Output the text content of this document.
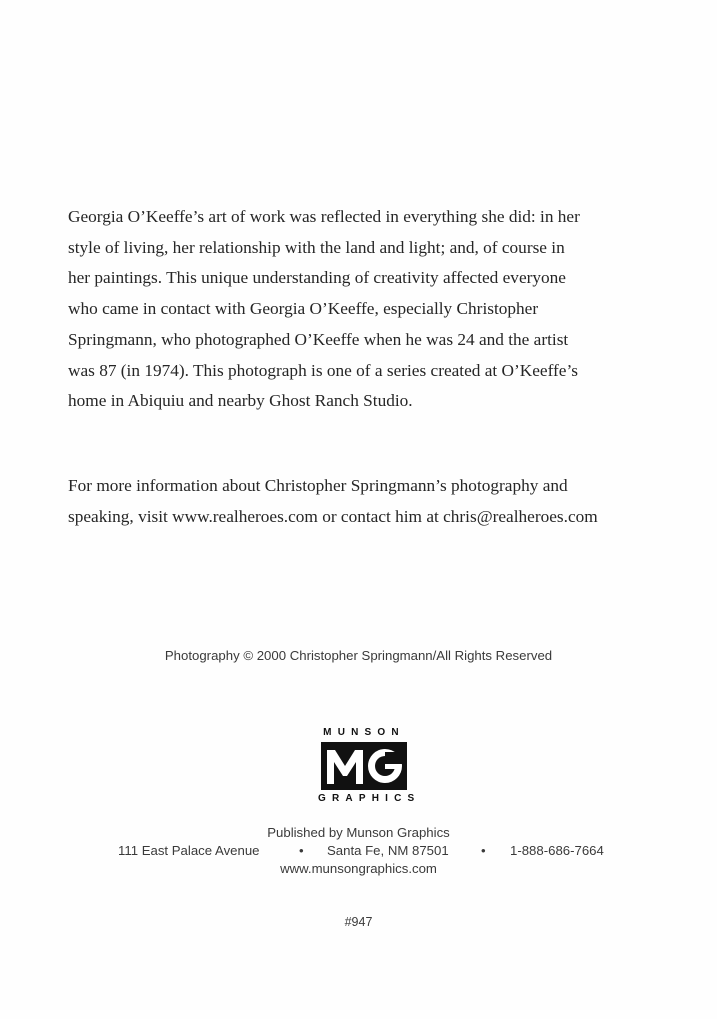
Georgia O’Keeffe’s art of work was reflected in everything she did: in her
style of living, her relationship with the land and light; and, of course in
her paintings. This unique understanding of creativity affected everyone
who came in contact with Georgia O’Keeffe, especially Christopher
Springmann, who photographed O’Keeffe when he was 24 and the artist
was 87 (in 1974). This photograph is one of a series created at O’Keeffe’s
home in Abiquiu and nearby Ghost Ranch Studio.

For more information about Christopher Springmann’s photography and
speaking, visit www.realheroes.com or contact him at chris@realheroes.com

Photography © 2000 Christopher Springmann/All Rights Reserved
MUNSON
GRAPHICS
Published by Munson Graphics
111 East Palace Avenue	• Santa Fe, NM 87501 • 1-888-686-7664
www.munsongraphics.com
#947
